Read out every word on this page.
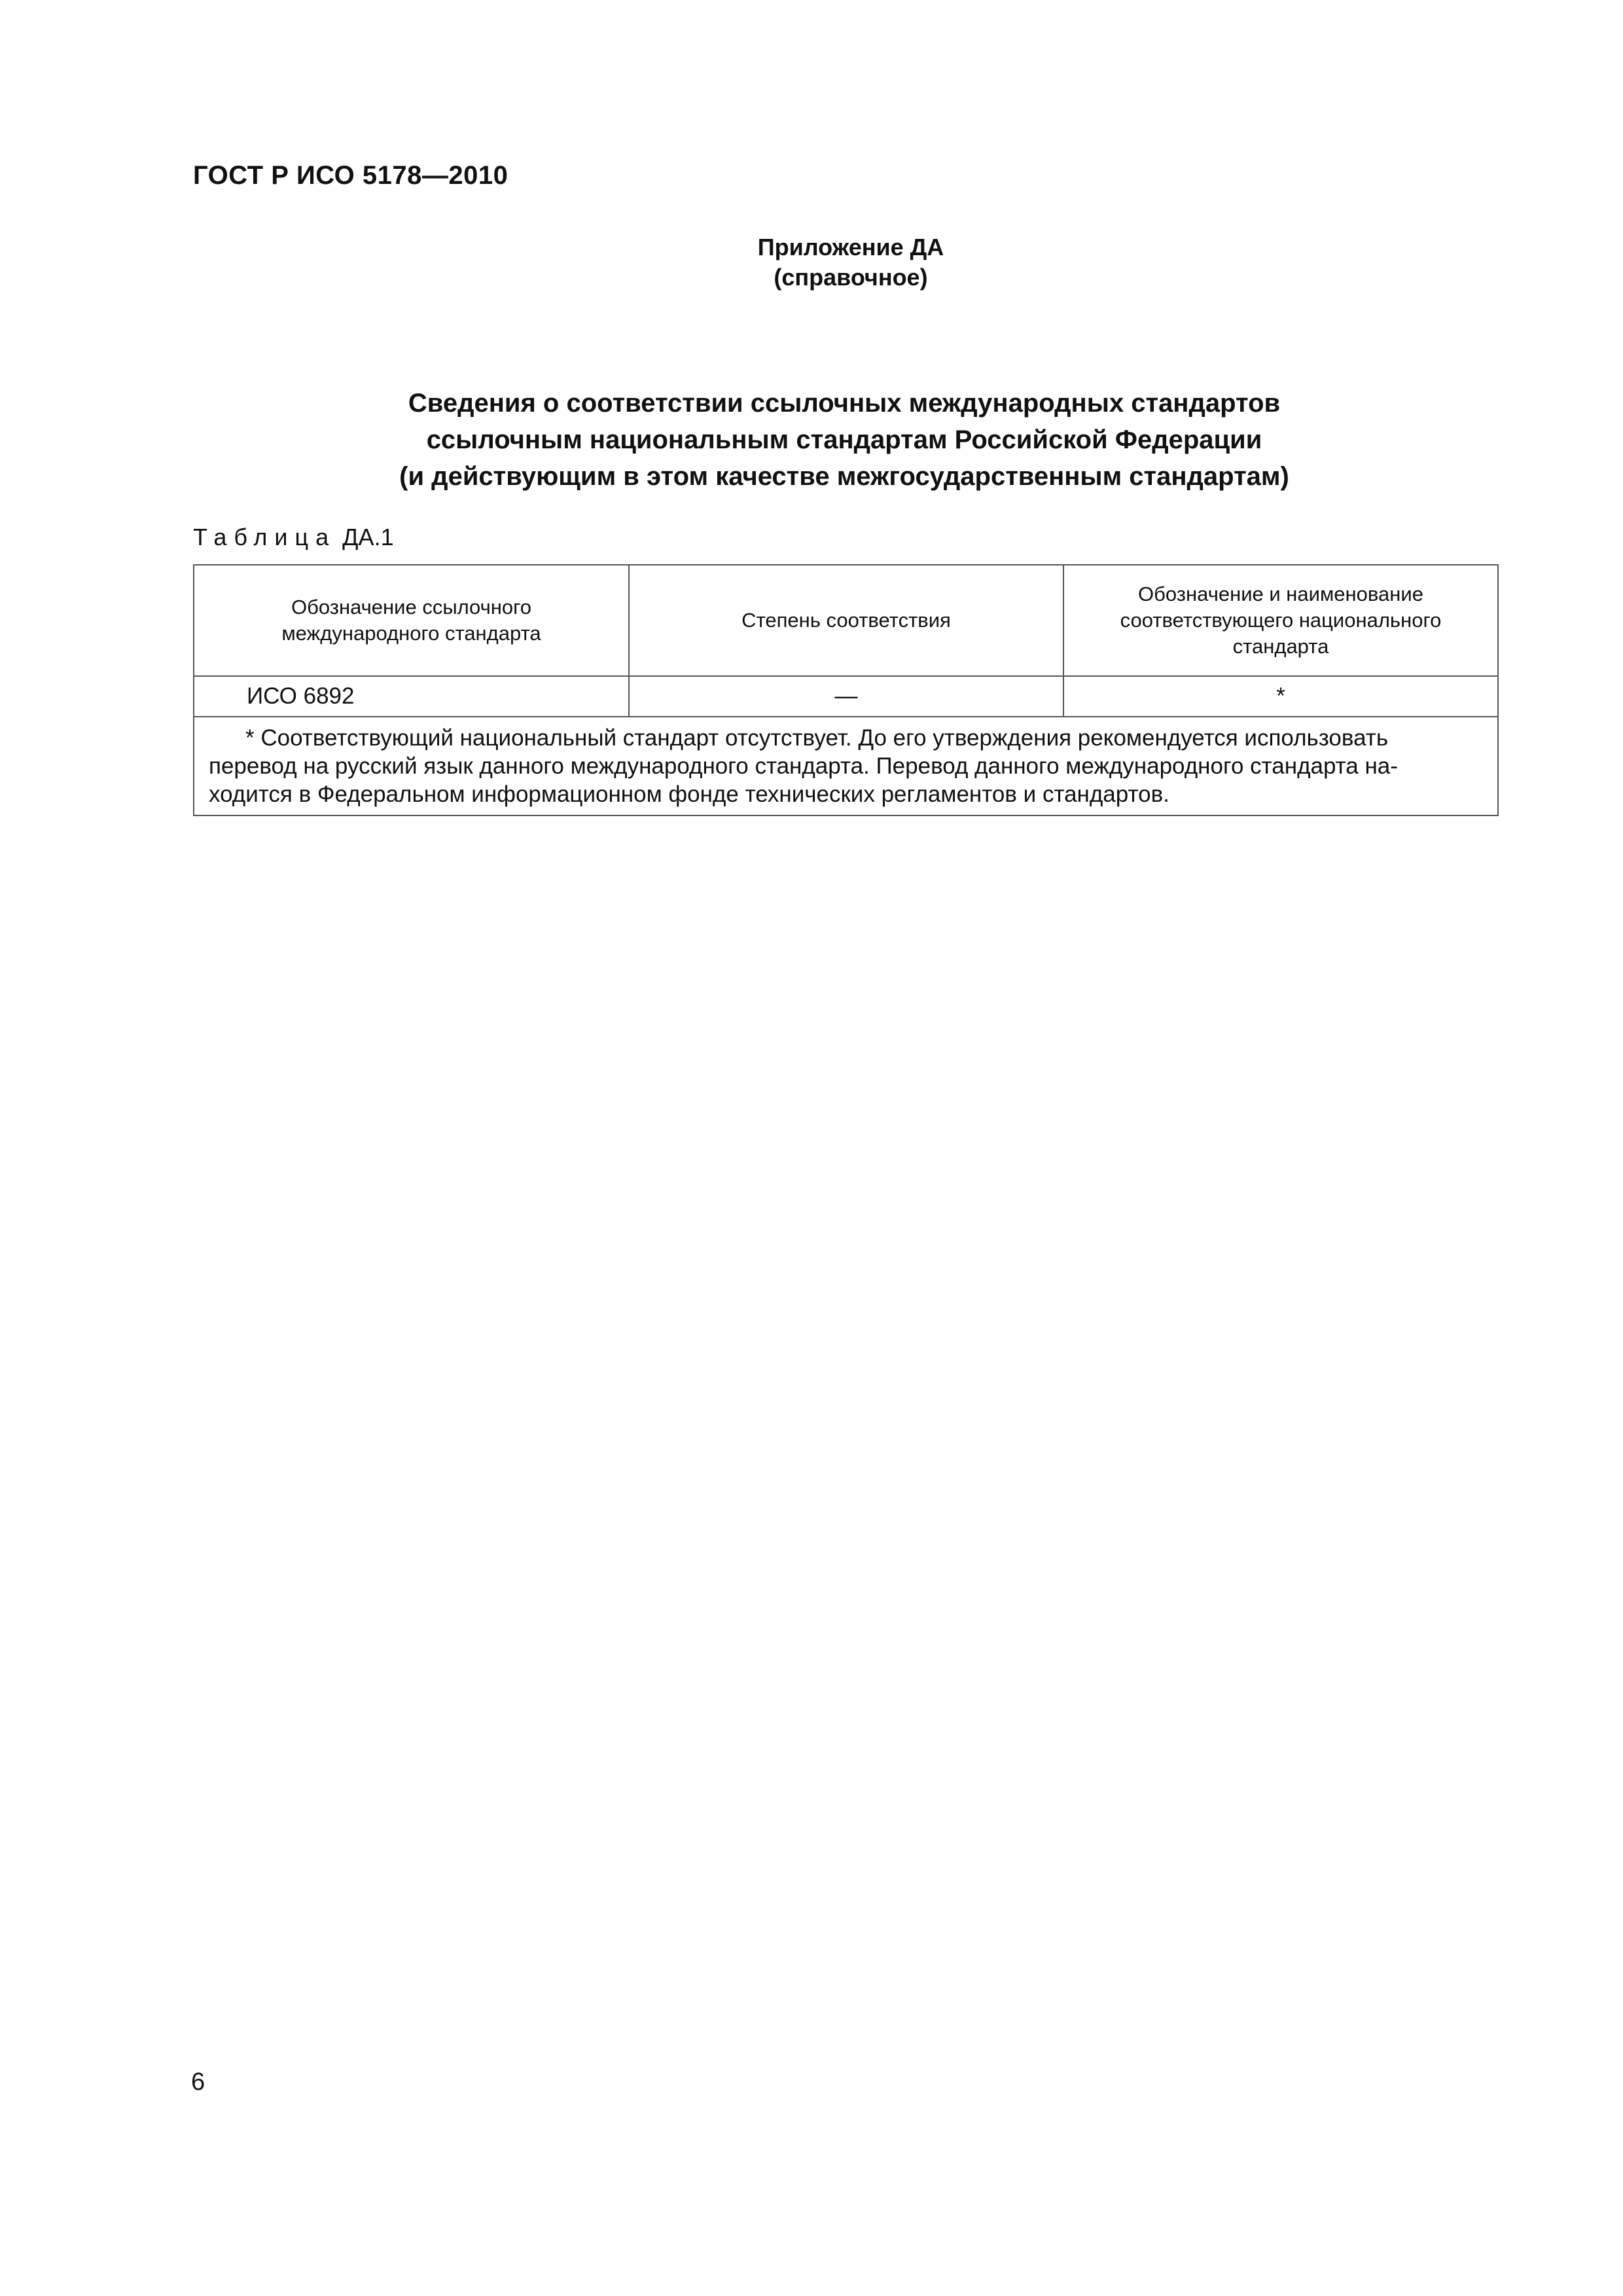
ГОСТ Р ИСО 5178—2010
Приложение ДА
(справочное)
Сведения о соответствии ссылочных международных стандартов
ссылочным национальным стандартам Российской Федерации
(и действующим в этом качестве межгосударственным стандартам)
Таблица ДА.1
Обозначение ссылочного международного стандарта	Степень соответствия	Обозначение и наименование соответствующего национального стандарта
ИСО 6892	—	*

* Соответствующий национальный стандарт отсутствует. До его утверждения рекомендуется использовать
перевод на русский язык данного международного стандарта. Перевод данного международного стандарта на-
ходится в Федеральном информационном фонде технических регламентов и стандартов.		
6
